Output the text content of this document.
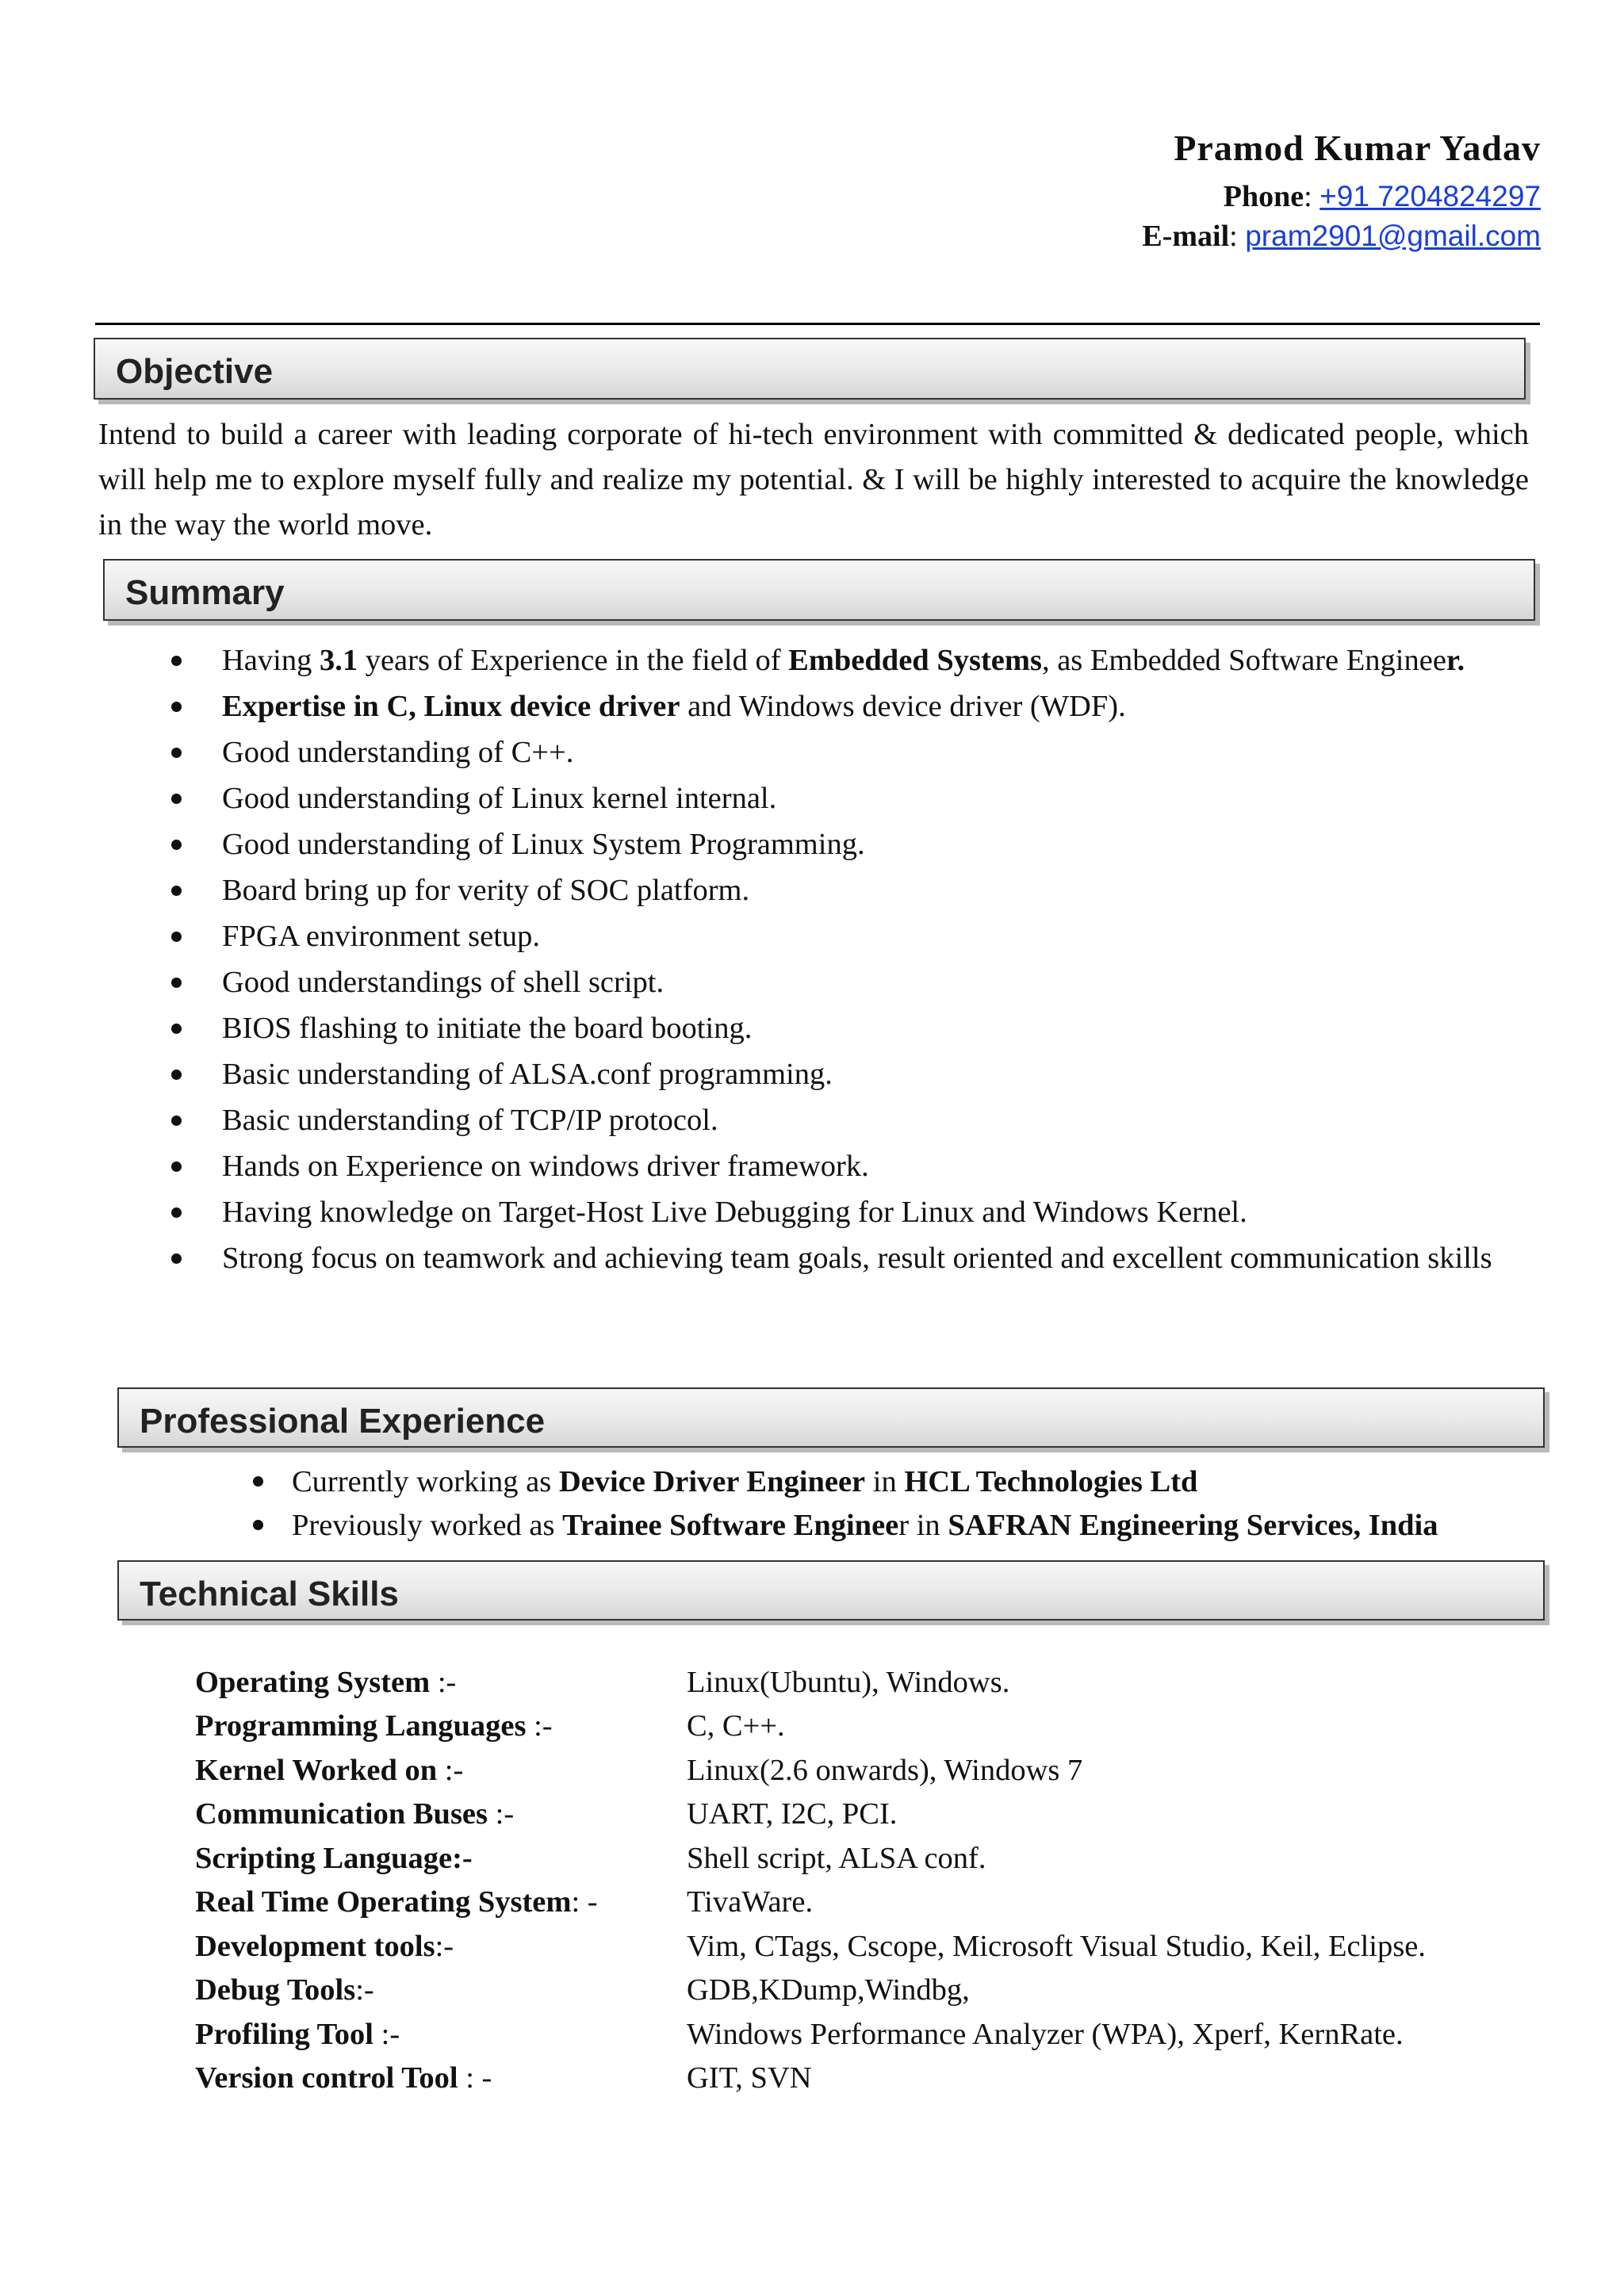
Pramod Kumar Yadav
Phone: +91 7204824297
E-mail: pram2901@gmail.com
Objective
Intend to build a career with leading corporate of hi-tech environment with committed & dedicated people, which will help me to explore myself fully and realize my potential. & I will be highly interested to acquire the knowledge in the way the world move.
Summary
Having 3.1 years of Experience in the field of Embedded Systems, as Embedded Software Engineer.
Expertise in C, Linux device driver and Windows device driver (WDF).
Good understanding of C++.
Good understanding of Linux kernel internal.
Good understanding of Linux System Programming.
Board bring up for verity of SOC platform.
FPGA environment setup.
Good understandings of shell script.
BIOS flashing to initiate the board booting.
Basic understanding of ALSA.conf programming.
Basic understanding of TCP/IP protocol.
Hands on Experience on windows driver framework.
Having knowledge on Target-Host Live Debugging for Linux and Windows Kernel.
Strong focus on teamwork and achieving team goals, result oriented and excellent communication skills
Professional Experience
Currently working as Device Driver Engineer in HCL Technologies Ltd
Previously worked as Trainee Software Engineer in SAFRAN Engineering Services, India
Technical Skills
Operating System :-	Linux(Ubuntu), Windows.
Programming Languages :-	C, C++.
Kernel Worked on :-	Linux(2.6 onwards), Windows 7
Communication Buses :-	UART, I2C, PCI.
Scripting Language:-	Shell script, ALSA conf.
Real Time Operating System: -	TivaWare.
Development tools:-	Vim, CTags, Cscope, Microsoft Visual Studio, Keil, Eclipse.
Debug Tools:-	GDB,KDump,Windbg,
Profiling Tool :-	Windows Performance Analyzer (WPA), Xperf, KernRate.
Version control Tool : -	GIT, SVN
